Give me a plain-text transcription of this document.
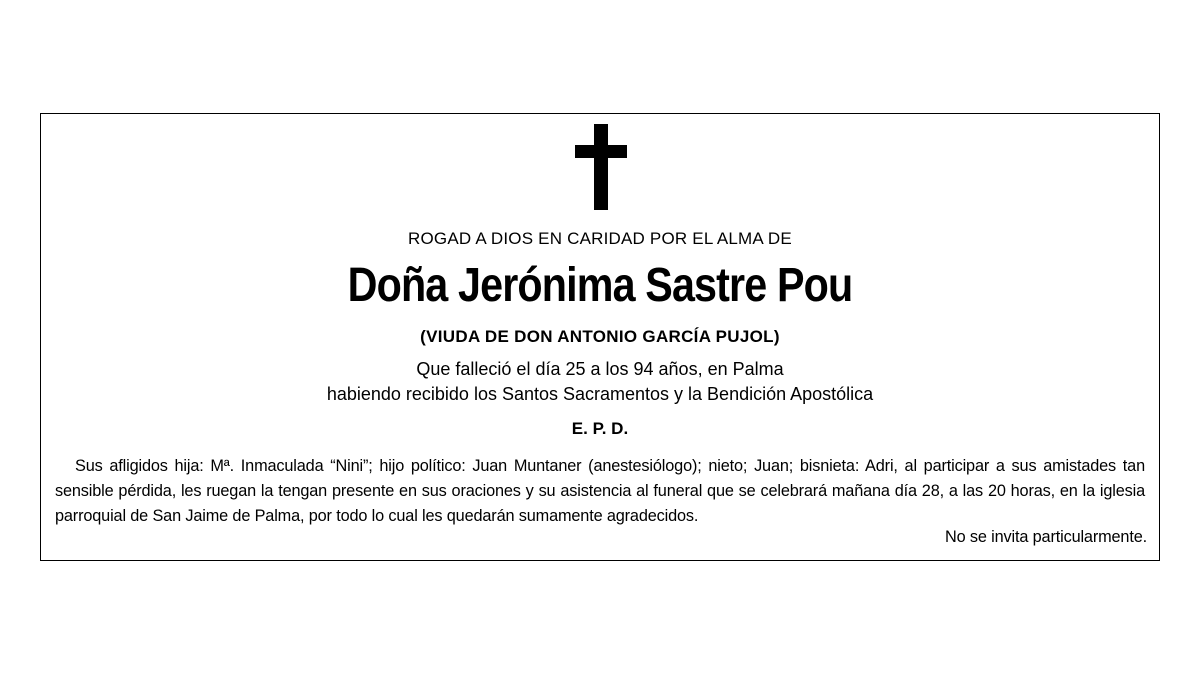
ROGAD A DIOS EN CARIDAD POR EL ALMA DE
Doña Jerónima Sastre Pou
(VIUDA DE DON ANTONIO GARCÍA PUJOL)
Que falleció el día 25 a los 94 años, en Palma
habiendo recibido los Santos Sacramentos y la Bendición Apostólica
E. P. D.
Sus afligidos hija: Mª. Inmaculada “Nini”; hijo político: Juan Muntaner (anestesiólogo); nieto; Juan; bisnieta: Adri, al participar a sus amistades tan sensible pérdida, les ruegan la tengan presente en sus oraciones y su asistencia al funeral que se celebrará mañana día 28, a las 20 horas, en la iglesia parroquial de San Jaime de Palma, por todo lo cual les quedarán sumamente agradecidos.
No se invita particularmente.
